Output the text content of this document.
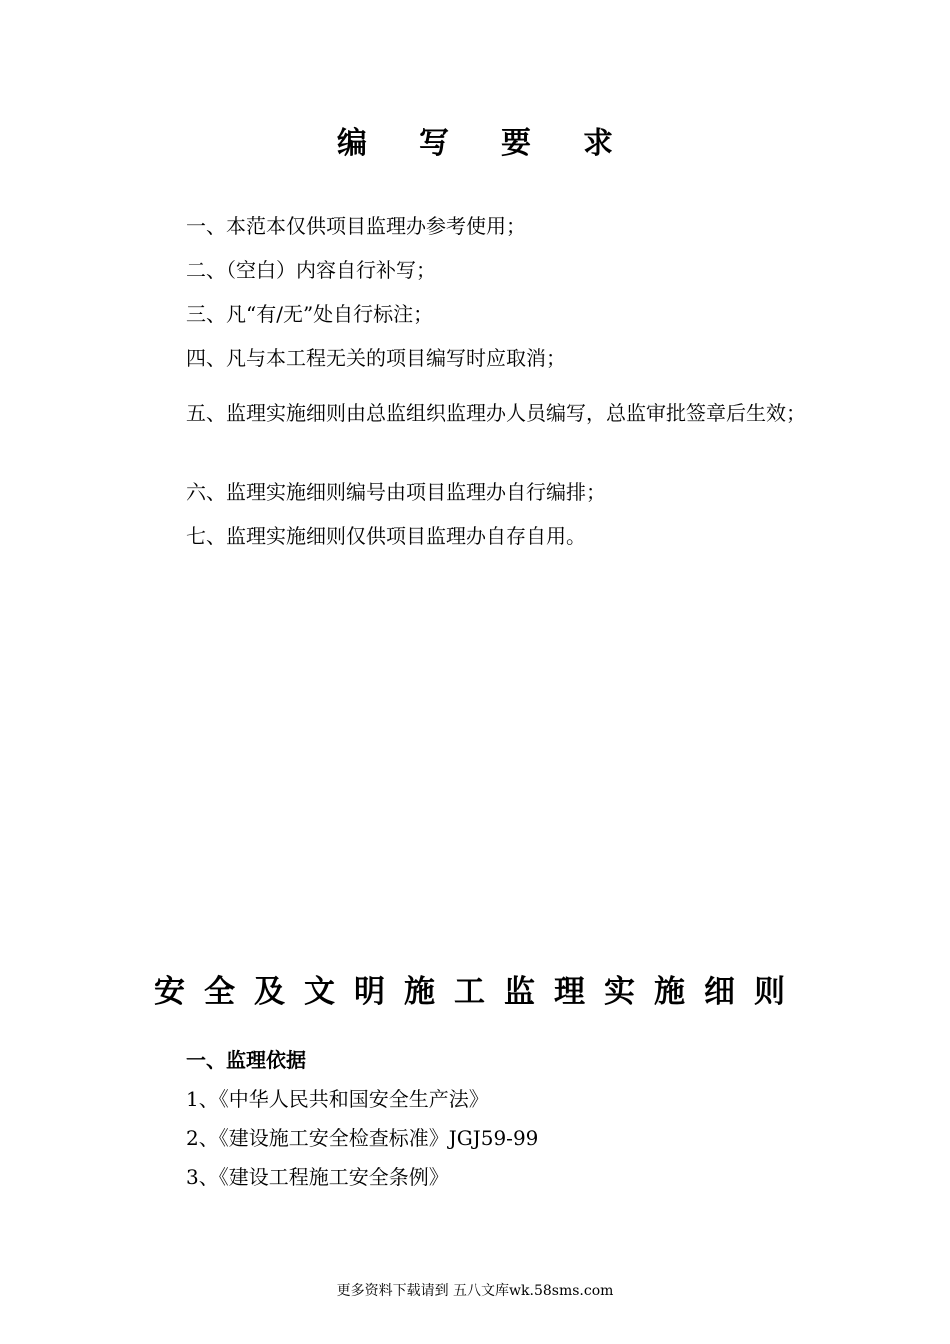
编写要求
一、本范本仅供项目监理办参考使用；
二、（空白）内容自行补写；
三、凡“有/无”处自行标注；
四、凡与本工程无关的项目编写时应取消；
五、监理实施细则由总监组织监理办人员编写，总监审批签章后生效；
六、监理实施细则编号由项目监理办自行编排；
七、监理实施细则仅供项目监理办自存自用。
安全及文明施工监理实施细则
一、监理依据
1、《中华人民共和国安全生产法》
2、《建设施工安全检查标准》JGJ59-99
3、《建设工程施工安全条例》
更多资料下载请到 五八文库wk.58sms.com
